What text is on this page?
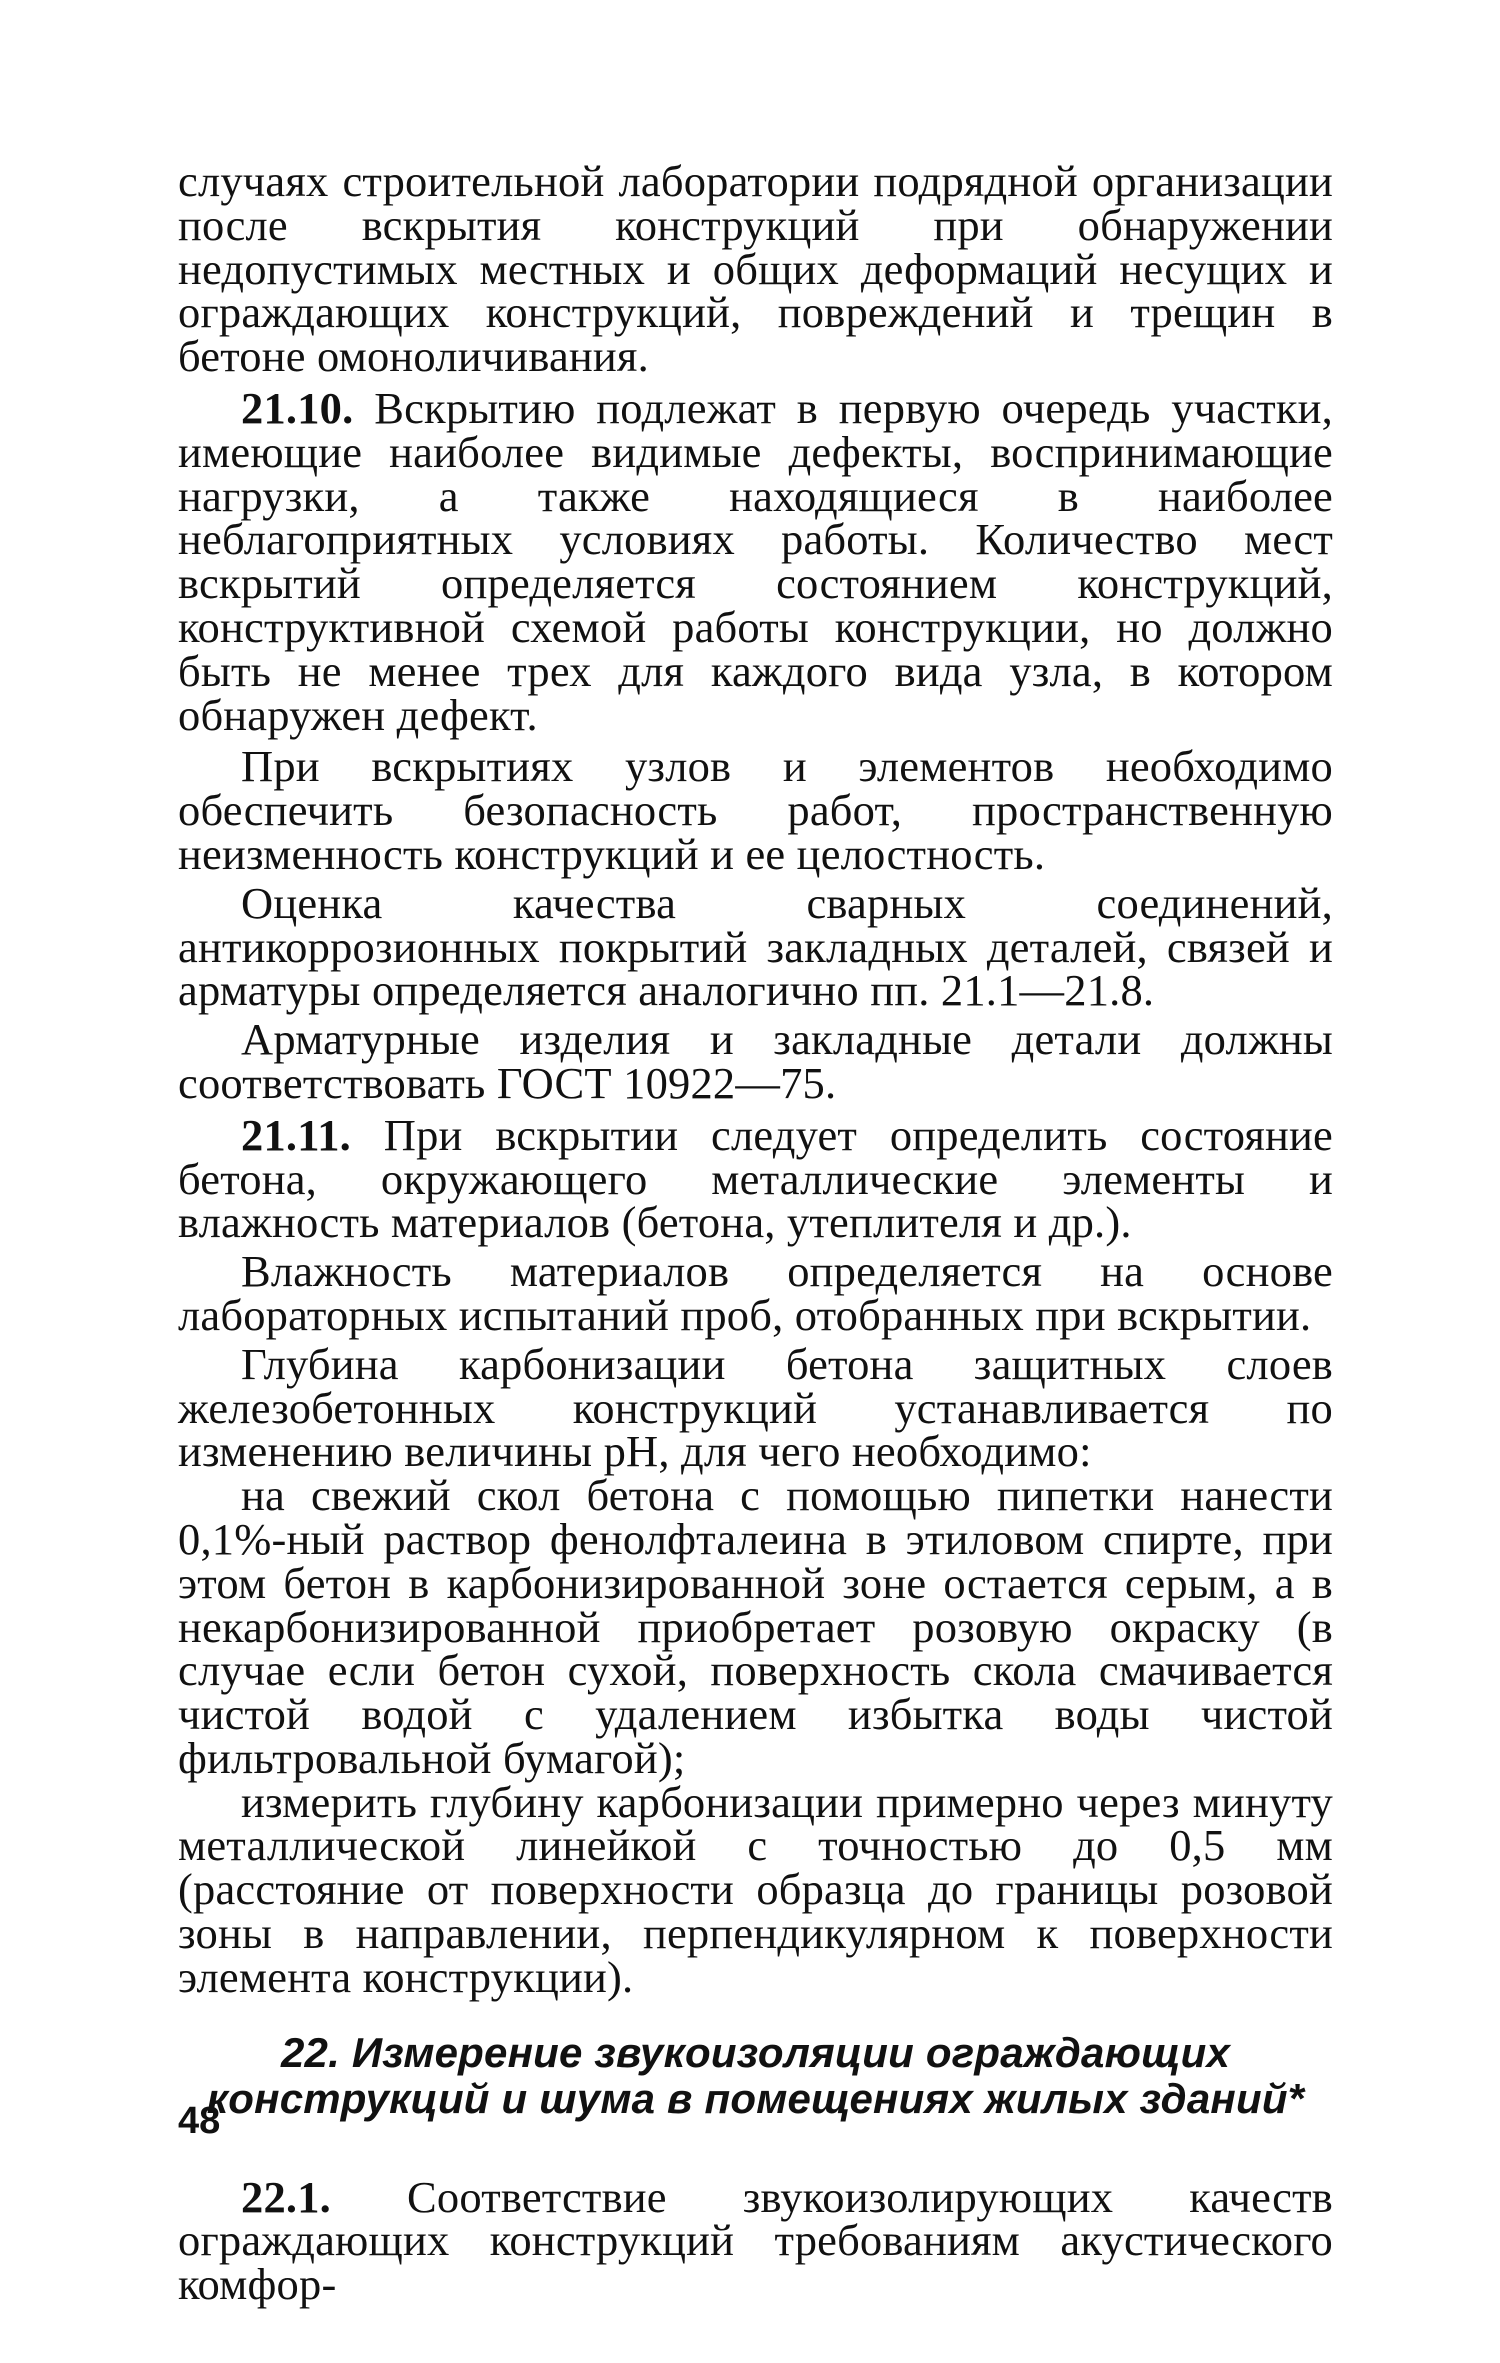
случаях строительной лаборатории подрядной организации после вскрытия конструкций при обнаружении недопустимых местных и общих деформаций несущих и ограждающих конструкций, повреждений и трещин в бетоне омоноличивания.

21.10. Вскрытию подлежат в первую очередь участки, имеющие наиболее видимые дефекты, воспринимающие нагрузки, а также находящиеся в наиболее неблагоприятных условиях работы. Количество мест вскрытий определяется состоянием конструкций, конструктивной схемой работы конструкции, но должно быть не менее трех для каждого вида узла, в котором обнаружен дефект.

При вскрытиях узлов и элементов необходимо обеспечить безопасность работ, пространственную неизменность конструкций и ее целостность.

Оценка качества сварных соединений, антикоррозионных покрытий закладных деталей, связей и арматуры определяется аналогично пп. 21.1—21.8.

Арматурные изделия и закладные детали должны соответствовать ГОСТ 10922—75.

21.11. При вскрытии следует определить состояние бетона, окружающего металлические элементы и влажность материалов (бетона, утеплителя и др.).

Влажность материалов определяется на основе лабораторных испытаний проб, отобранных при вскрытии.

Глубина карбонизации бетона защитных слоев железобетонных конструкций устанавливается по изменению величины pH, для чего необходимо:

на свежий скол бетона с помощью пипетки нанести 0,1%-ный раствор фенолфталеина в этиловом спирте, при этом бетон в карбонизированной зоне остается серым, а в некарбонизированной приобретает розовую окраску (в случае если бетон сухой, поверхность скола смачивается чистой водой с удалением избытка воды чистой фильтровальной бумагой);

измерить глубину карбонизации примерно через минуту металлической линейкой с точностью до 0,5 мм (расстояние от поверхности образца до границы розовой зоны в направлении, перпендикулярном к поверхности элемента конструкции).

22. Измерение звукоизоляции ограждающих
конструкций и шума в помещениях жилых зданий*

22.1. Соответствие звукоизолирующих качеств ограждающих конструкций требованиям акустического комфор-

48
